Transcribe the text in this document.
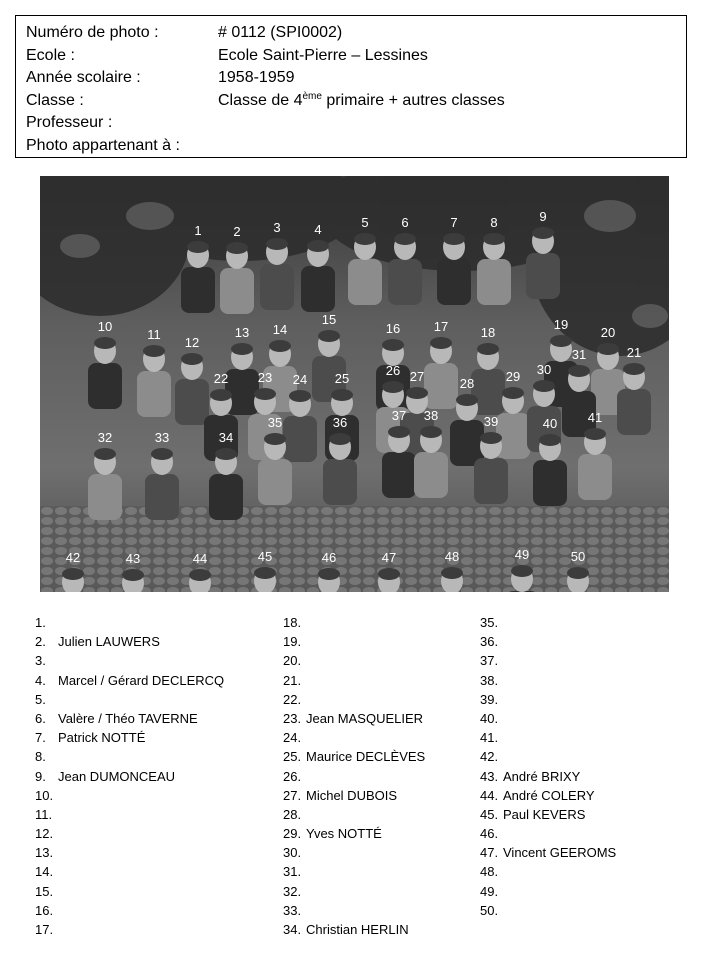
Numéro de photo :	# 0112 (SPI0002)
Ecole :	Ecole Saint-Pierre – Lessines
Année scolaire :	1958-1959
Classe :	Classe de 4ème primaire + autres classes
Professeur :
Photo appartenant à :
1 2	3	4	5	6	7	8	9
10
11
12
13 14
15
16	17	18
19
20
21
22 23 24 25
26 27	28 29 30
31
32	33	34
35	36	37 38	39	40 41
42	43	44	45	46	47	48	49	50
1.
2. Julien LAUWERS
3.
4. Marcel / Gérard DECLERCQ
5.
6. Valère / Théo TAVERNE
7. Patrick NOTTÉ
8.
9. Jean DUMONCEAU
10.
11.
12.
13.
14.
15.
16.
17.
18.
19.
20.
21.
22.
23. Jean MASQUELIER
24.
25. Maurice DECLÈVES
26.
27. Michel DUBOIS
28.
29. Yves NOTTÉ
30.
31.
32.
33.
34. Christian HERLIN
35.
36.
37.
38.
39.
40.
41.
42.
43. André BRIXY
44. André COLERY
45. Paul KEVERS
46.
47. Vincent GEEROMS
48.
49.
50.
